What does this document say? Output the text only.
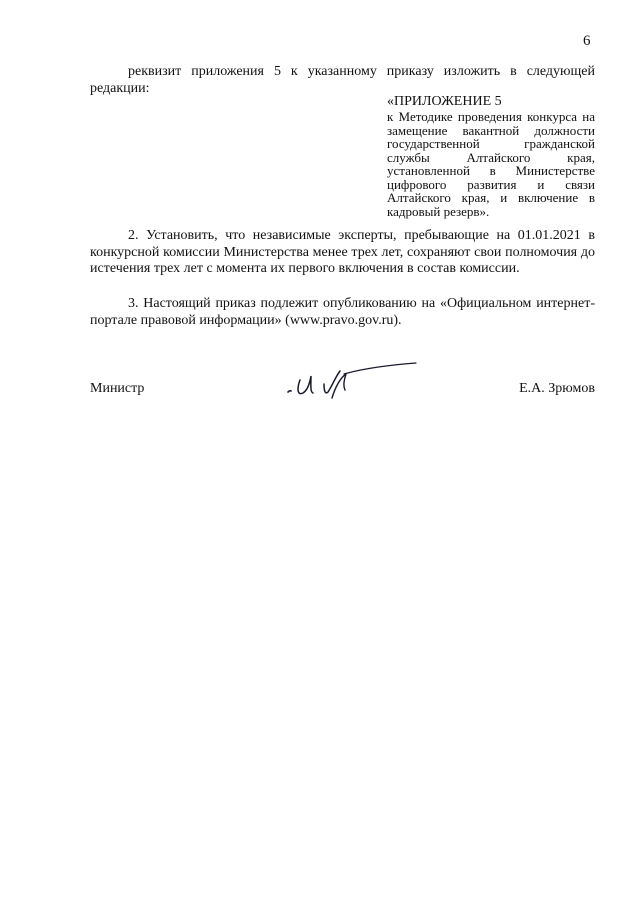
6
реквизит приложения 5 к указанному приказу изложить в следующей редакции:
«ПРИЛОЖЕНИЕ 5
к Методике проведения конкурса на замещение вакантной должности государственной гражданской службы Алтайского края, установленной в Министерстве цифрового развития и связи Алтайского края, и включение в кадровый резерв».
2. Установить, что независимые эксперты, пребывающие на 01.01.2021 в конкурсной комиссии Министерства менее трех лет, сохраняют свои полномочия до истечения трех лет с момента их первого включения в состав комиссии.
3. Настоящий приказ подлежит опубликованию на «Официальном интернет-портале правовой информации» (www.pravo.gov.ru).
Министр	Е.А. Зрюмов
